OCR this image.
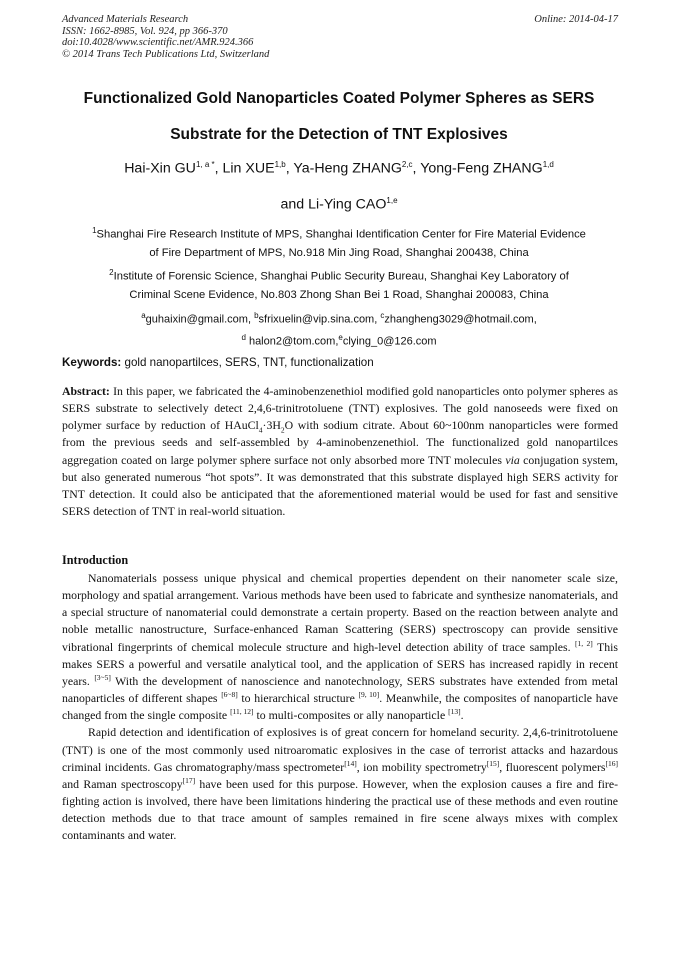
Advanced Materials Research
ISSN: 1662-8985, Vol. 924, pp 366-370
doi:10.4028/www.scientific.net/AMR.924.366
© 2014 Trans Tech Publications Ltd, Switzerland
Online: 2014-04-17
Functionalized Gold Nanoparticles Coated Polymer Spheres as SERS
Substrate for the Detection of TNT Explosives
Hai-Xin $GU^{1, a *}$, Lin XUE$^{1,b}$, Ya-Heng ZHANG$^{2,c}$, Yong-Feng ZHANG$^{1,d}$
and Li-Ying CAO$^{1,e}$
$^1$Shanghai Fire Research Institute of MPS, Shanghai Identification Center for Fire Material Evidence
of Fire Department of MPS, No.918 Min Jing Road, Shanghai 200438, China
$^2$Institute of Forensic Science, Shanghai Public Security Bureau, Shanghai Key Laboratory of
Criminal Scene Evidence, No.803 Zhong Shan Bei 1 Road, Shanghai 200083, China
$^a$guhaixin@gmail.com, $^b$sfrixuelin@vip.sina.com, $^c$zhangheng3029@hotmail.com,
$^d$ halon2@tom.com,$^e$clying_0@126.com
Keywords: gold nanopartilces, SERS, TNT, functionalization

Abstract: In this paper, we fabricated the 4-aminobenzenethiol modified gold nanoparticles onto polymer spheres as SERS substrate to selectively detect 2,4,6-trinitrotoluene (TNT) explosives. The gold nanoseeds were fixed on polymer surface by reduction of $HAuCl_4\cdot 3H_2O$ with sodium citrate. About 60~100nm nanoparticles were formed from the previous seeds and self-assembled by 4-aminobenzenethiol. The functionalized gold nanopartilces aggregation coated on large polymer sphere surface not only absorbed more TNT molecules via conjugation system, but also generated numerous “hot spots”. It was demonstrated that this substrate displayed high SERS activity for TNT detection. It could also be anticipated that the aforementioned material would be used for fast and sensitive SERS detection of TNT in real-world situation.

Introduction

Nanomaterials possess unique physical and chemical properties dependent on their nanometer scale size, morphology and spatial arrangement. Various methods have been used to fabricate and synthesize nanomaterials, and a special structure of nanomaterial could demonstrate a certain property. Based on the reaction between analyte and noble metallic nanostructure, Surface-enhanced Raman Scattering (SERS) spectroscopy can provide sensitive vibrational fingerprints of chemical molecule structure and high-level detection ability of trace samples. [1, 2] This makes SERS a powerful and versatile analytical tool, and the application of SERS has increased rapidly in recent years. [3~5] With the development of nanoscience and nanotechnology, SERS substrates have extended from metal nanoparticles of different shapes [6~8] to hierarchical structure [9, 10]. Meanwhile, the composites of nanoparticle have changed from the single composite [11, 12] to multi-composites or ally nanoparticle [13].

Rapid detection and identification of explosives is of great concern for homeland security. 2,4,6-trinitrotoluene (TNT) is one of the most commonly used nitroaromatic explosives in the case of terrorist attacks and hazardous criminal incidents. Gas chromatography/mass spectrometer[14], ion mobility spectrometry[15], fluorescent polymers[16] and Raman spectroscopy[17] have been used for this purpose. However, when the explosion causes a fire and fire-fighting action is involved, there have been limitations hindering the practical use of these methods and even routine detection methods due to that trace amount of samples remained in fire scene always mixes with complex contaminants and water.
